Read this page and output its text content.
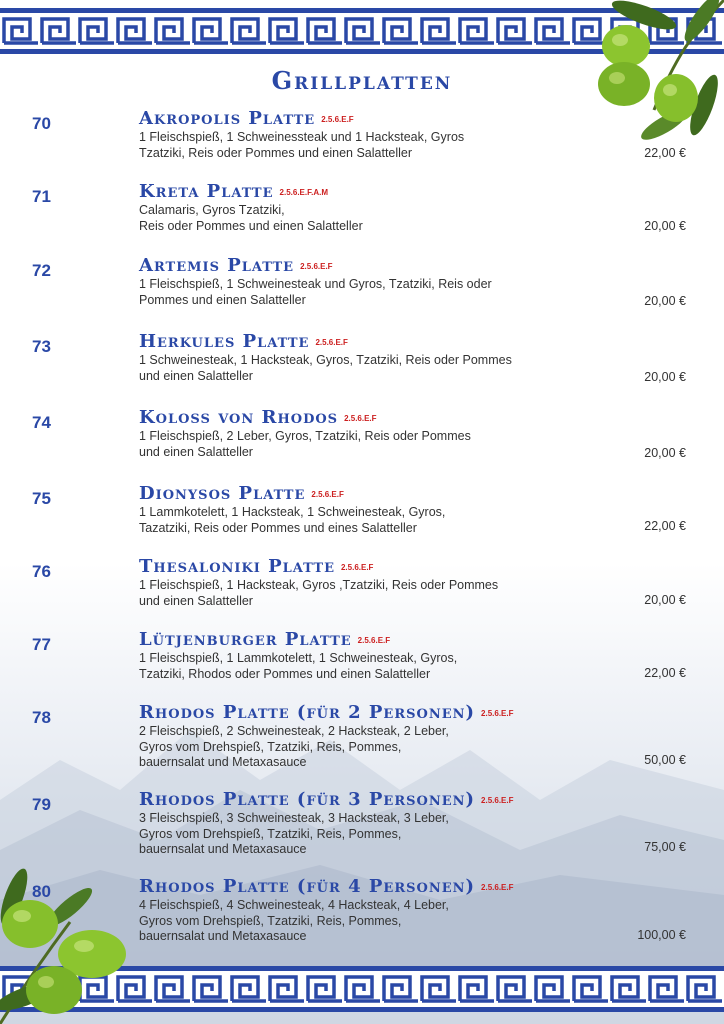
Grillplatten
70	Akropolis Platte 2.5.6.E.F
1 Fleischspieß, 1 Schweinessteak und 1 Hacksteak, Gyros
Tzatziki, Reis oder Pommes und einen Salatteller	22,00 €
71	Kreta Platte 2.5.6.E.F.A.M
Calamaris, Gyros Tzatziki,
Reis oder Pommes und einen Salatteller	20,00 €
72	Artemis Platte 2.5.6.E.F
1 Fleischspieß, 1 Schweinesteak und Gyros, Tzatziki, Reis oder
Pommes und einen Salatteller	20,00 €
73	Herkules Platte 2.5.6.E.F
1 Schweinesteak, 1 Hacksteak, Gyros, Tzatziki, Reis oder Pommes
und einen Salatteller	20,00 €
74	Koloss von Rhodos 2.5.6.E.F
1 Fleischspieß, 2 Leber, Gyros, Tzatziki, Reis oder Pommes
und einen Salatteller	20,00 €
75	Dionysos Platte 2.5.6.E.F
1 Lammkotelett, 1 Hacksteak, 1 Schweinesteak, Gyros,
Tazatziki, Reis oder Pommes und eines Salatteller	22,00 €
76	Thesaloniki Platte 2.5.6.E.F
1 Fleischspieß, 1 Hacksteak, Gyros ,Tzatziki, Reis oder Pommes
und einen Salatteller	20,00 €
77	Lütjenburger Platte 2.5.6.E.F
1 Fleischspieß, 1 Lammkotelett, 1 Schweinesteak, Gyros,
Tzatziki, Rhodos oder Pommes und einen Salatteller	22,00 €
78	Rhodos Platte (für 2 Personen) 2.5.6.E.F
2 Fleischspieß, 2 Schweinesteak, 2 Hacksteak, 2 Leber,
Gyros vom Drehspieß, Tzatziki, Reis, Pommes,
bauernsalat und Metaxasauce	50,00 €
79	Rhodos Platte (für 3 Personen) 2.5.6.E.F
3 Fleischspieß, 3 Schweinesteak, 3 Hacksteak, 3 Leber,
Gyros vom Drehspieß, Tzatziki, Reis, Pommes,
bauernsalat und Metaxasauce	75,00 €
80	Rhodos Platte (für 4 Personen) 2.5.6.E.F
4 Fleischspieß, 4 Schweinesteak, 4 Hacksteak, 4 Leber,
Gyros vom Drehspieß, Tzatziki, Reis, Pommes,
bauernsalat und Metaxasauce	100,00 €
